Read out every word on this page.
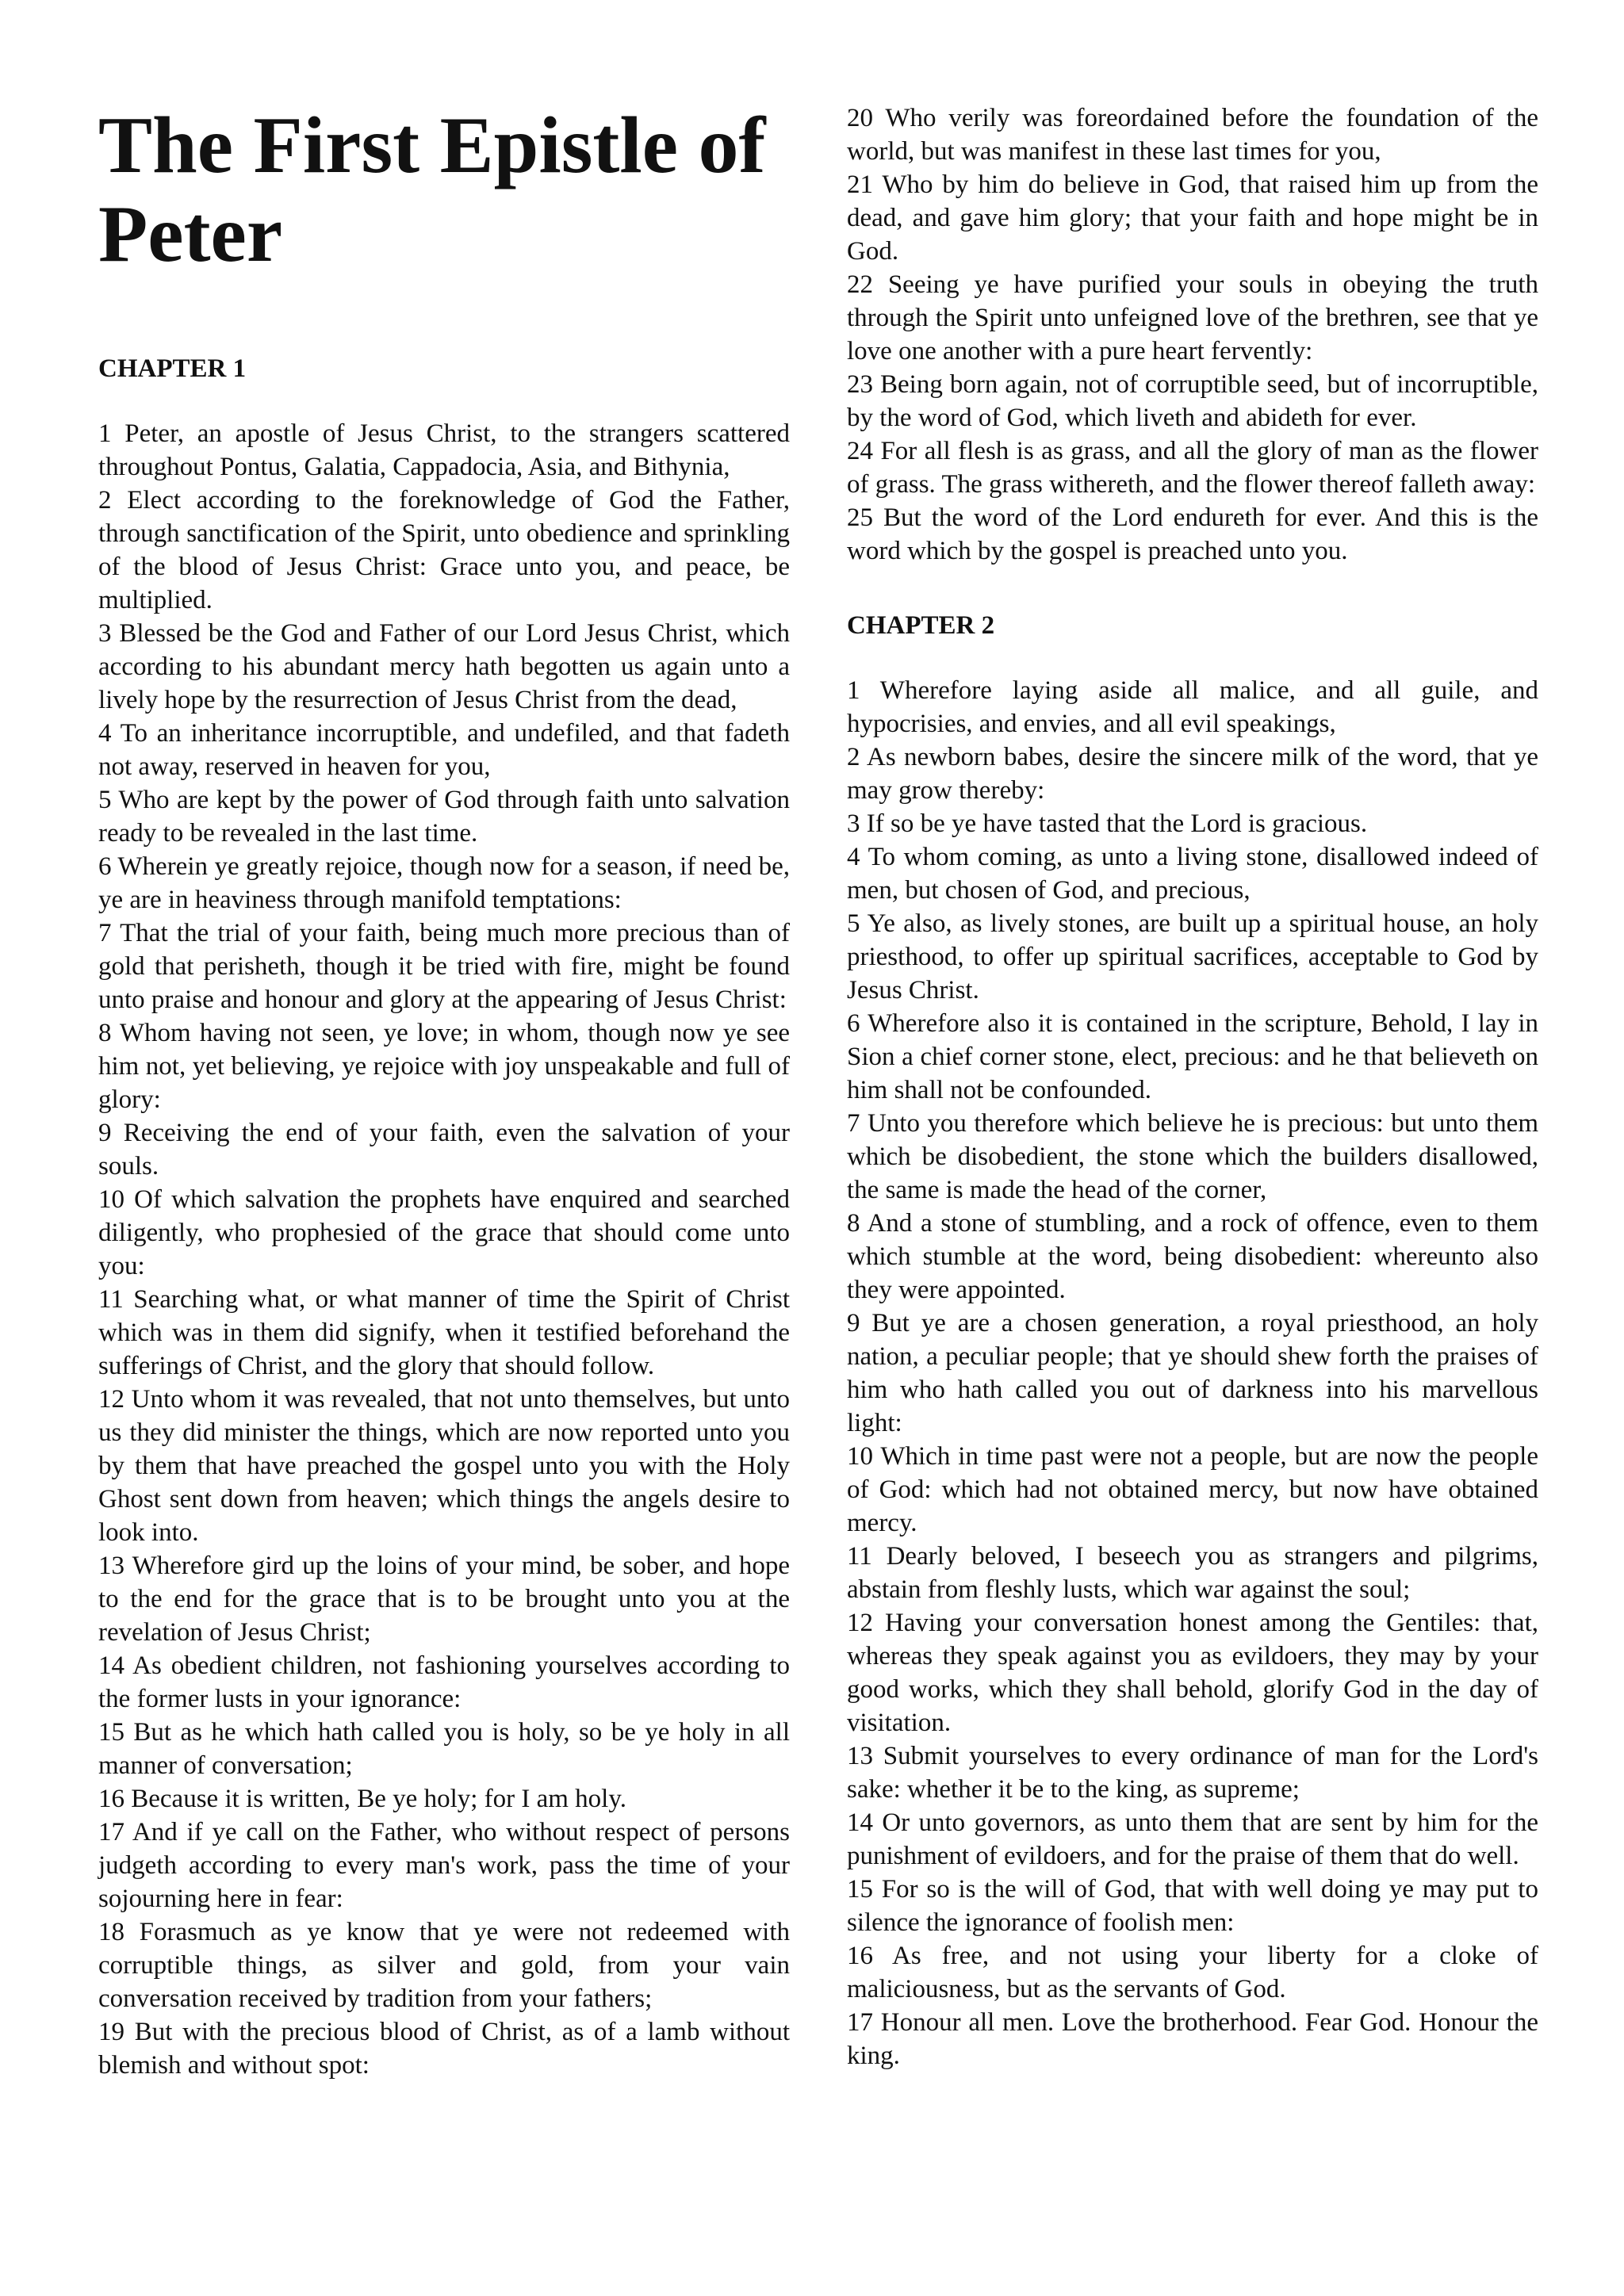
The First Epistle of Peter
CHAPTER 1

1 Peter, an apostle of Jesus Christ, to the strangers scattered throughout Pontus, Galatia, Cappadocia, Asia, and Bithynia,

2 Elect according to the foreknowledge of God the Father, through sanctification of the Spirit, unto obedience and sprinkling of the blood of Jesus Christ: Grace unto you, and peace, be multiplied.

3 Blessed be the God and Father of our Lord Jesus Christ, which according to his abundant mercy hath begotten us again unto a lively hope by the resurrection of Jesus Christ from the dead,

4 To an inheritance incorruptible, and undefiled, and that fadeth not away, reserved in heaven for you,

5 Who are kept by the power of God through faith unto salvation ready to be revealed in the last time.

6 Wherein ye greatly rejoice, though now for a season, if need be, ye are in heaviness through manifold temptations:

7 That the trial of your faith, being much more precious than of gold that perisheth, though it be tried with fire, might be found unto praise and honour and glory at the appearing of Jesus Christ:

8 Whom having not seen, ye love; in whom, though now ye see him not, yet believing, ye rejoice with joy unspeakable and full of glory:

9 Receiving the end of your faith, even the salvation of your souls.

10 Of which salvation the prophets have enquired and searched diligently, who prophesied of the grace that should come unto you:

11 Searching what, or what manner of time the Spirit of Christ which was in them did signify, when it testified beforehand the sufferings of Christ, and the glory that should follow.

12 Unto whom it was revealed, that not unto themselves, but unto us they did minister the things, which are now reported unto you by them that have preached the gospel unto you with the Holy Ghost sent down from heaven; which things the angels desire to look into.

13 Wherefore gird up the loins of your mind, be sober, and hope to the end for the grace that is to be brought unto you at the revelation of Jesus Christ;

14 As obedient children, not fashioning yourselves according to the former lusts in your ignorance:

15 But as he which hath called you is holy, so be ye holy in all manner of conversation;

16 Because it is written, Be ye holy; for I am holy.

17 And if ye call on the Father, who without respect of persons judgeth according to every man's work, pass the time of your sojourning here in fear:

18 Forasmuch as ye know that ye were not redeemed with corruptible things, as silver and gold, from your vain conversation received by tradition from your fathers;

19 But with the precious blood of Christ, as of a lamb without blemish and without spot:

20 Who verily was foreordained before the foundation of the world, but was manifest in these last times for you,

21 Who by him do believe in God, that raised him up from the dead, and gave him glory; that your faith and hope might be in God.

22 Seeing ye have purified your souls in obeying the truth through the Spirit unto unfeigned love of the brethren, see that ye love one another with a pure heart fervently:

23 Being born again, not of corruptible seed, but of incorruptible, by the word of God, which liveth and abideth for ever.

24 For all flesh is as grass, and all the glory of man as the flower of grass. The grass withereth, and the flower thereof falleth away:

25 But the word of the Lord endureth for ever. And this is the word which by the gospel is preached unto you.

CHAPTER 2

1 Wherefore laying aside all malice, and all guile, and hypocrisies, and envies, and all evil speakings,

2 As newborn babes, desire the sincere milk of the word, that ye may grow thereby:

3 If so be ye have tasted that the Lord is gracious.

4 To whom coming, as unto a living stone, disallowed indeed of men, but chosen of God, and precious,

5 Ye also, as lively stones, are built up a spiritual house, an holy priesthood, to offer up spiritual sacrifices, acceptable to God by Jesus Christ.

6 Wherefore also it is contained in the scripture, Behold, I lay in Sion a chief corner stone, elect, precious: and he that believeth on him shall not be confounded.

7 Unto you therefore which believe he is precious: but unto them which be disobedient, the stone which the builders disallowed, the same is made the head of the corner,

8 And a stone of stumbling, and a rock of offence, even to them which stumble at the word, being disobedient: whereunto also they were appointed.

9 But ye are a chosen generation, a royal priesthood, an holy nation, a peculiar people; that ye should shew forth the praises of him who hath called you out of darkness into his marvellous light:

10 Which in time past were not a people, but are now the people of God: which had not obtained mercy, but now have obtained mercy.

11 Dearly beloved, I beseech you as strangers and pilgrims, abstain from fleshly lusts, which war against the soul;

12 Having your conversation honest among the Gentiles: that, whereas they speak against you as evildoers, they may by your good works, which they shall behold, glorify God in the day of visitation.

13 Submit yourselves to every ordinance of man for the Lord's sake: whether it be to the king, as supreme;

14 Or unto governors, as unto them that are sent by him for the punishment of evildoers, and for the praise of them that do well.

15 For so is the will of God, that with well doing ye may put to silence the ignorance of foolish men:

16 As free, and not using your liberty for a cloke of maliciousness, but as the servants of God.

17 Honour all men. Love the brotherhood. Fear God. Honour the king.
